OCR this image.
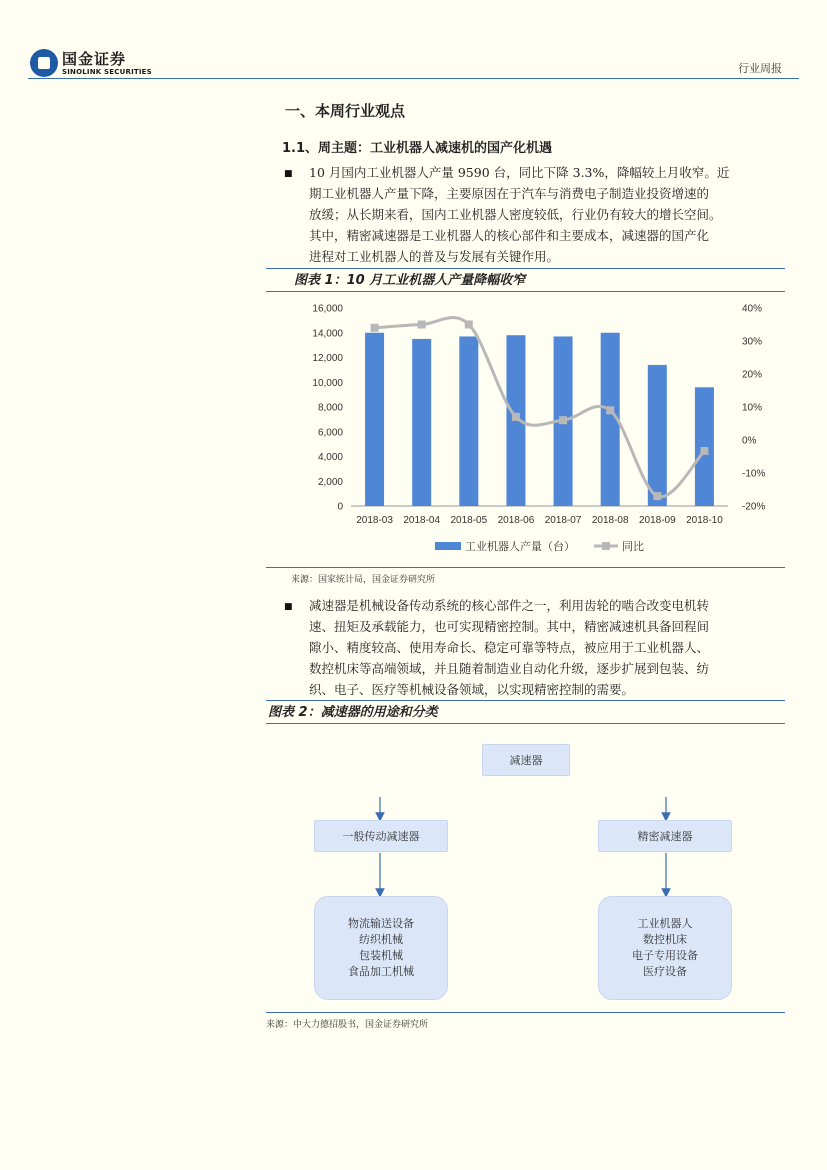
国金证券
SINOLINK SECURITIES	行业周报
一、本周行业观点
1.1、周主题：工业机器人减速机的国产化机遇
■ 10 月国内工业机器人产量 9590 台，同比下降 3.3%，降幅较上月收窄。近
期工业机器人产量下降，主要原因在于汽车与消费电子制造业投资增速的
放缓；从长期来看，国内工业机器人密度较低，行业仍有较大的增长空间。
其中，精密减速器是工业机器人的核心部件和主要成本，减速器的国产化
进程对工业机器人的普及与发展有关键作用。
图表 1：10 月工业机器人产量降幅收窄
0
2,000
4,000
6,000
8,000
10,000
12,000
14,000
16,000
-20%
-10%
0%
10%
20%
30%
40%
2018-03 2018-04 2018-05 2018-06 2018-07 2018-08 2018-09 2018-10
工业机器人产量（台）	同比
来源：国家统计局，国金证券研究所
■ 减速器是机械设备传动系统的核心部件之一，利用齿轮的啮合改变电机转
速、扭矩及承载能力，也可实现精密控制。其中，精密减速机具备回程间
隙小、精度较高、使用寿命长、稳定可靠等特点，被应用于工业机器人、
数控机床等高端领域，并且随着制造业自动化升级，逐步扩展到包装、纺
织、电子、医疗等机械设备领域，以实现精密控制的需要。
图表 2：减速器的用途和分类
减速器
一般传动减速器	精密减速器
物流输送设备
纺织机械
包装机械
食品加工机械
工业机器人
数控机床
电子专用设备
医疗设备
来源：中大力德招股书，国金证券研究所
